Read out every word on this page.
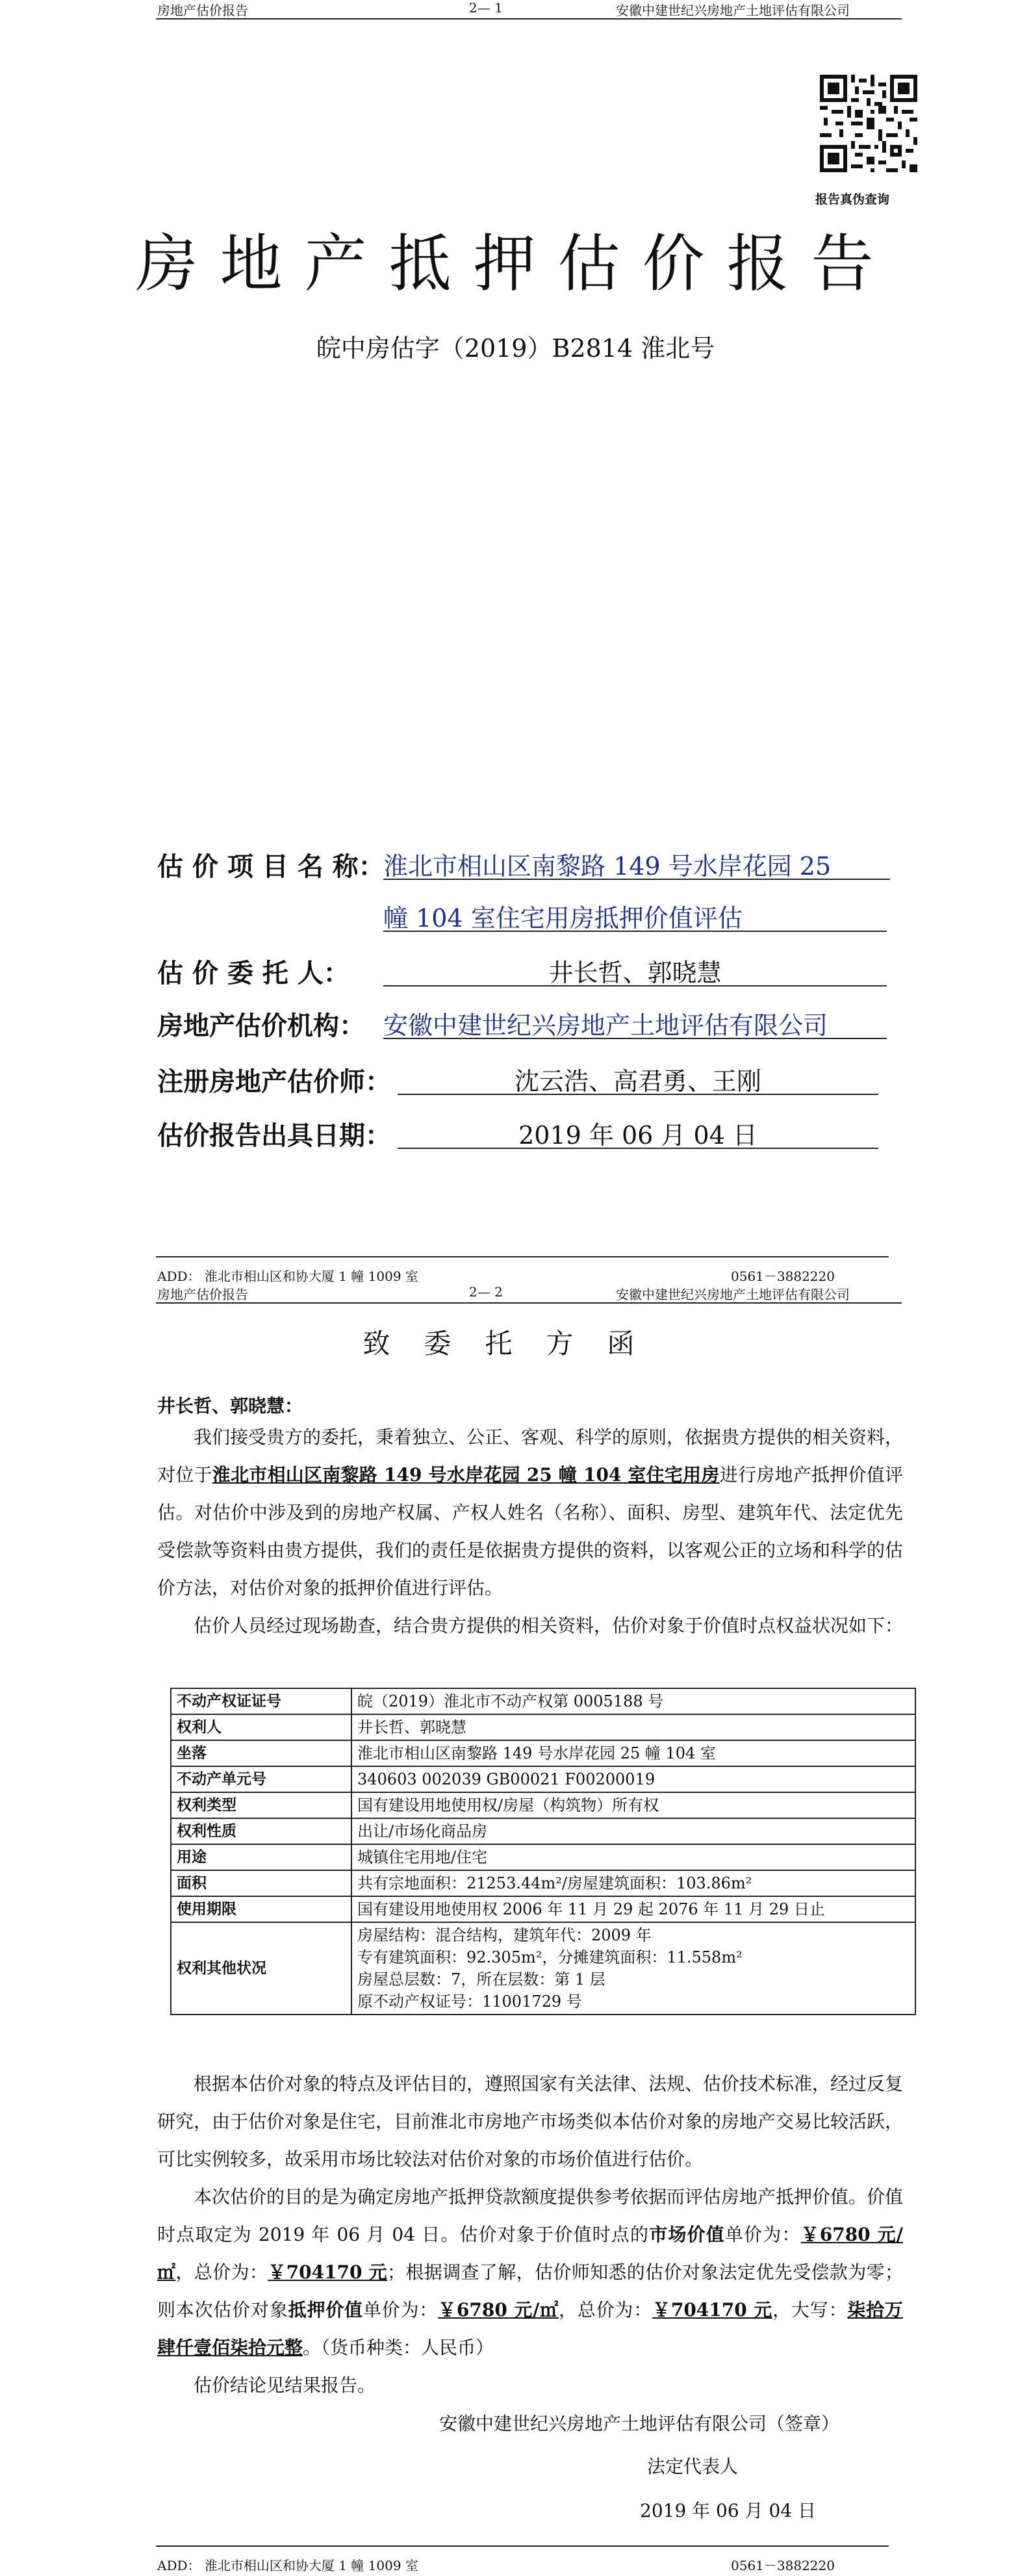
房地产估价报告	2— 1	安徽中建世纪兴房地产土地评估有限公司
报告真伪查询
房地产抵押估价报告
皖中房估字（2019）B2814 淮北号
估 价 项 目 名 称：
淮北市相山区南黎路 149 号水岸花园 25
幢 104 室住宅用房抵押价值评估
估 价 委 托 人：	井长哲、郭晓慧
房地产估价机构： 安徽中建世纪兴房地产土地评估有限公司
注册房地产估价师：	沈云浩、高君勇、王刚
估价报告出具日期：	2019 年 06 月 04 日
ADD： 淮北市相山区和协大厦 1 幢 1009 室	0561－3882220
房地产估价报告	2— 2	安徽中建世纪兴房地产土地评估有限公司
致委托方函
井长哲、郭晓慧：
我们接受贵方的委托，秉着独立、公正、客观、科学的原则，依据贵方提供的相关资料，对位于淮北市相山区南黎路 149 号水岸花园 25 幢 104 室住宅用房进行房地产抵押价值评估。对估价中涉及到的房地产权属、产权人姓名（名称）、面积、房型、建筑年代、法定优先受偿款等资料由贵方提供，我们的责任是依据贵方提供的资料，以客观公正的立场和科学的估价方法，对估价对象的抵押价值进行评估。
估价人员经过现场勘查，结合贵方提供的相关资料，估价对象于价值时点权益状况如下：
不动产权证证号	皖（2019）淮北市不动产权第 0005188 号
权利人	井长哲、郭晓慧
坐落	淮北市相山区南黎路 149 号水岸花园 25 幢 104 室
不动产单元号	340603 002039 GB00021 F00200019
权利类型	国有建设用地使用权/房屋（构筑物）所有权
权利性质	出让/市场化商品房
用途	城镇住宅用地/住宅
面积	共有宗地面积：21253.44m²/房屋建筑面积：103.86m²
使用期限	国有建设用地使用权 2006 年 11 月 29 起 2076 年 11 月 29 日止
权利其他状况	房屋结构：混合结构，建筑年代：2009 年
专有建筑面积：92.305m²，分摊建筑面积：11.558m²
房屋总层数：7，所在层数：第 1 层
原不动产权证号：11001729 号
根据本估价对象的特点及评估目的，遵照国家有关法律、法规、估价技术标准，经过反复研究，由于估价对象是住宅，目前淮北市房地产市场类似本估价对象的房地产交易比较活跃，可比实例较多，故采用市场比较法对估价对象的市场价值进行估价。
本次估价的目的是为确定房地产抵押贷款额度提供参考依据而评估房地产抵押价值。价值时点取定为 2019 年 06 月 04 日。估价对象于价值时点的市场价值单价为：￥6780 元/㎡，总价为：￥704170 元；根据调查了解，估价师知悉的估价对象法定优先受偿款为零；则本次估价对象抵押价值单价为：￥6780 元/㎡，总价为：￥704170 元，大写：柒拾万肆仟壹佰柒拾元整。（货币种类：人民币）
估价结论见结果报告。
安徽中建世纪兴房地产土地评估有限公司（签章）
法定代表人
2019 年 06 月 04 日
ADD： 淮北市相山区和协大厦 1 幢 1009 室	0561－3882220
